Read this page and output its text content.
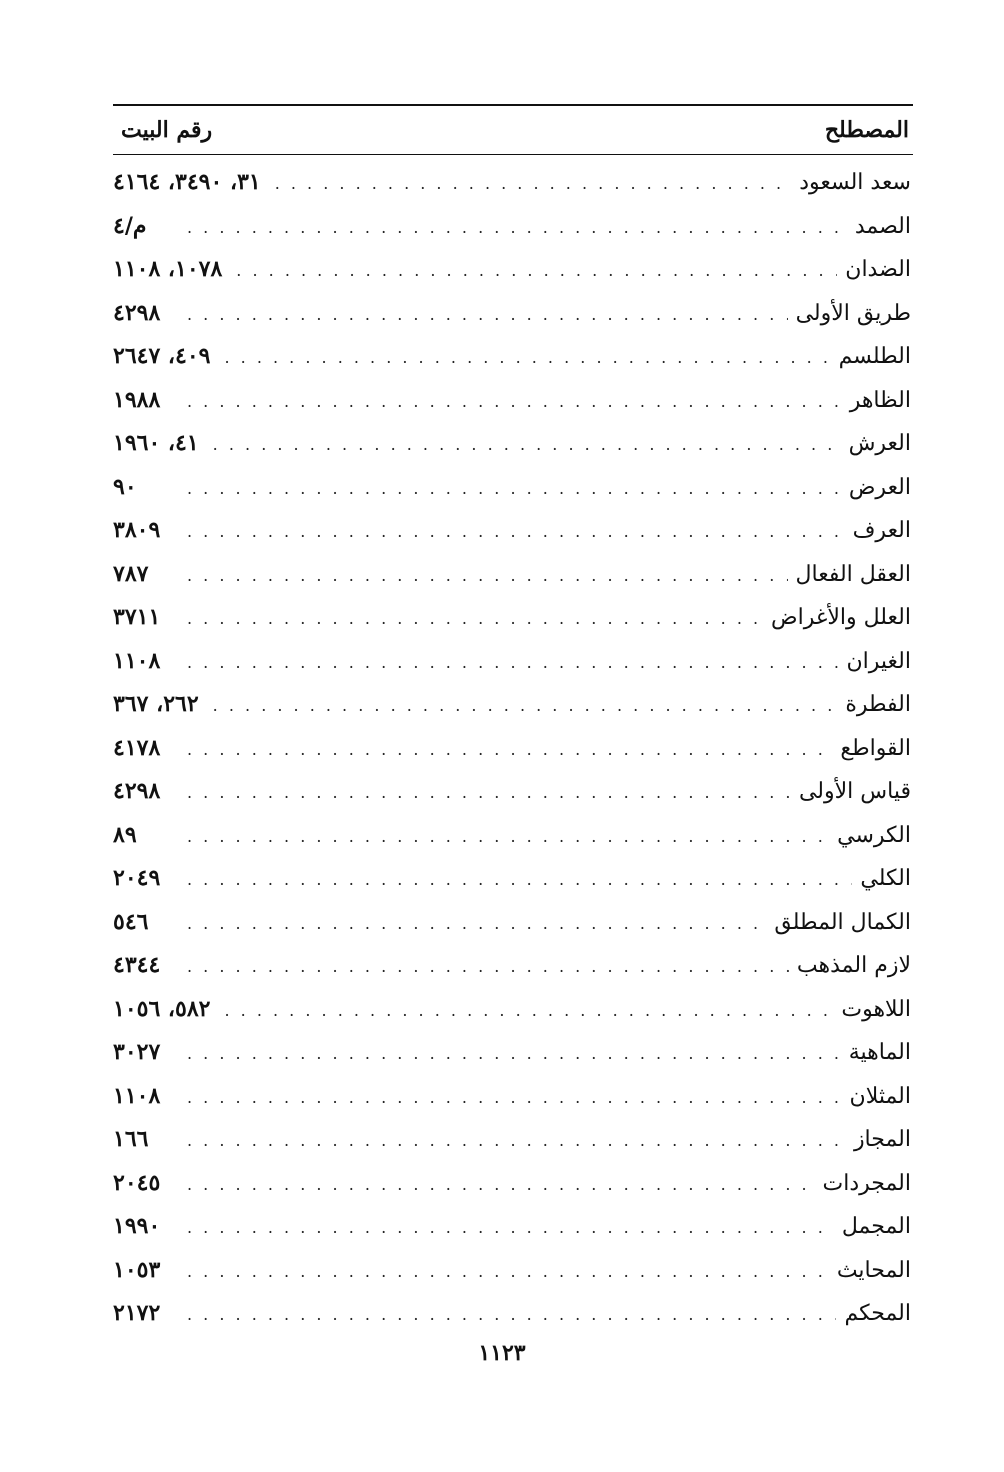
المصطلح
رقم البيت
سعد السعود
. . .
٣١، ٣٤٩٠، ٤١٦٤
الصمد
. . .
م/٤
الضدان
. . .
١٠٧٨، ١١٠٨
طريق الأولى
. . .
٤٢٩٨
الطلسم
. . .
٤٠٩، ٢٦٤٧
الظاهر
. . .
١٩٨٨
العرش
. . .
٤١، ١٩٦٠
العرض
. . .
٩٠
العرف
. . .
٣٨٠٩
العقل الفعال
. . .
٧٨٧
العلل والأغراض
. . .
٣٧١١
الغيران
. . .
١١٠٨
الفطرة
. . .
٢٦٢، ٣٦٧
القواطع
. . .
٤١٧٨
قياس الأولى
. . .
٤٢٩٨
الكرسي
. . .
٨٩
الكلي
. . .
٢٠٤٩
الكمال المطلق
. . .
٥٤٦
لازم المذهب
. . .
٤٣٤٤
اللاهوت
. . .
٥٨٢، ١٠٥٦
الماهية
. . .
٣٠٢٧
المثلان
. . .
١١٠٨
المجاز
. . .
١٦٦
المجردات
. . .
٢٠٤٥
المجمل
. . .
١٩٩٠
المحايث
. . .
١٠٥٣
المحكم
. . .
٢١٧٢
١١٢٣
